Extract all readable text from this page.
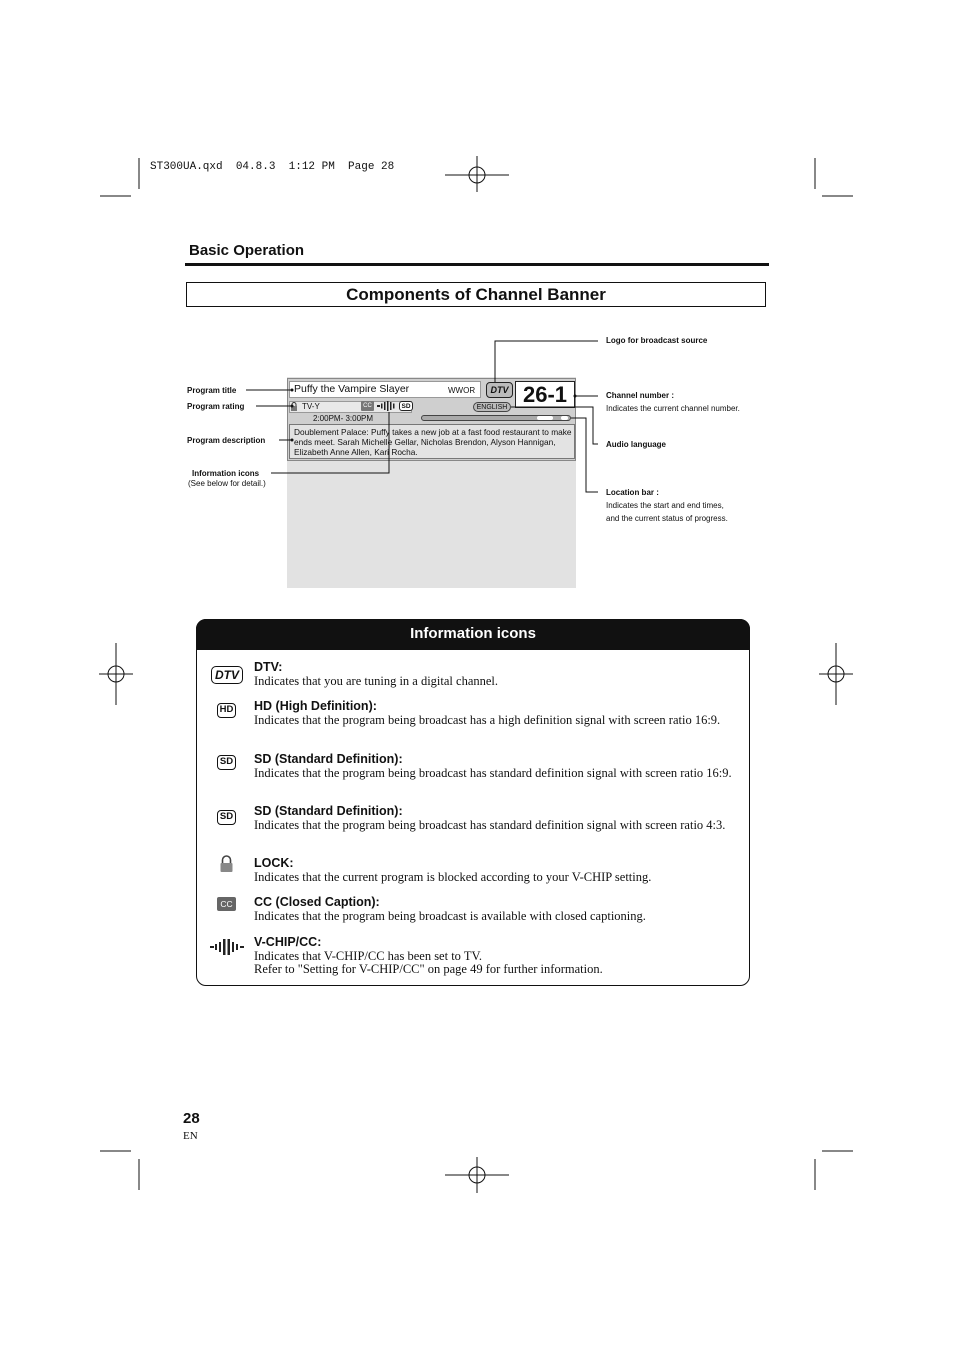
ST300UA.qxd  04.8.3  1:12 PM  Page 28
Basic Operation
Components of Channel Banner
Puffy the Vampire Slayer	WWOR	DTV 26-1
TV-Y	CC	SD	ENGLISH
2:00PM- 3:00PM
Doublement Palace: Puffy takes a new job at a fast food restaurant to make ends meet. Sarah Michelle Gellar, Nicholas Brendon, Alyson Hannigan, Elizabeth Anne Allen, Kari Rocha.
Program title
Program rating
Program description
Information icons
(See below for detail.)
Logo for broadcast source
Channel number :
Indicates the current channel number.
Audio language
Location bar :
Indicates the start and end times,
and the current status of progress.
Information icons
DTV
DTV:
Indicates that you are tuning in a digital channel.
HD HD (High Definition):
Indicates that the program being broadcast has a high definition signal with screen ratio 16:9.
SD SD (Standard Definition):
Indicates that the program being broadcast has standard definition signal with screen ratio 16:9.
SD SD (Standard Definition):
Indicates that the program being broadcast has standard definition signal with screen ratio 4:3.
LOCK:
Indicates that the current program is blocked according to your V-CHIP setting.
CC CC (Closed Caption):
Indicates that the program being broadcast is available with closed captioning.
V-CHIP/CC:
Indicates that V-CHIP/CC has been set to TV.
Refer to "Setting for V-CHIP/CC" on page 49 for further information.
28
EN
